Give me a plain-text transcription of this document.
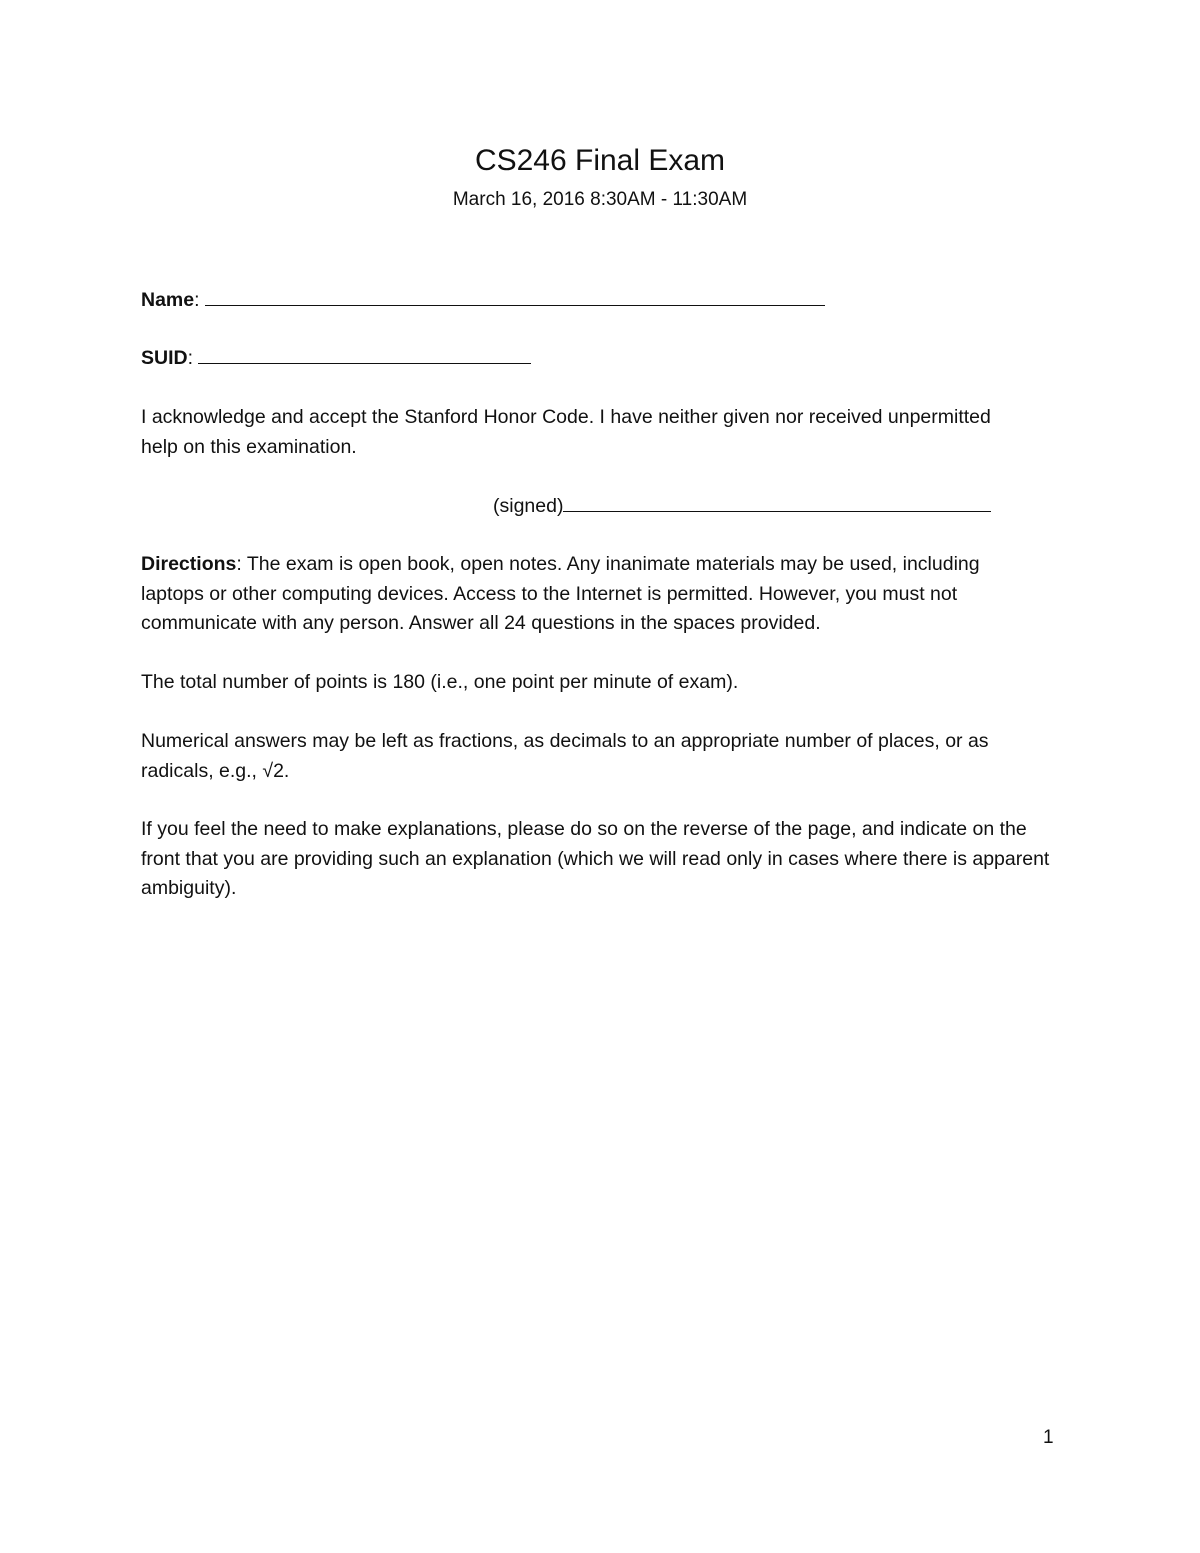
CS246 Final Exam
March 16, 2016 8:30AM - 11:30AM
Name:
SUID:
I acknowledge and accept the Stanford Honor Code. I have neither given nor received unpermitted help on this examination.
(signed)
Directions: The exam is open book, open notes. Any inanimate materials may be used, including laptops or other computing devices. Access to the Internet is permitted. However, you must not communicate with any person. Answer all 24 questions in the spaces provided.
The total number of points is 180 (i.e., one point per minute of exam).
Numerical answers may be left as fractions, as decimals to an appropriate number of places, or as radicals, e.g., √2.
If you feel the need to make explanations, please do so on the reverse of the page, and indicate on the front that you are providing such an explanation (which we will read only in cases where there is apparent ambiguity).
1
